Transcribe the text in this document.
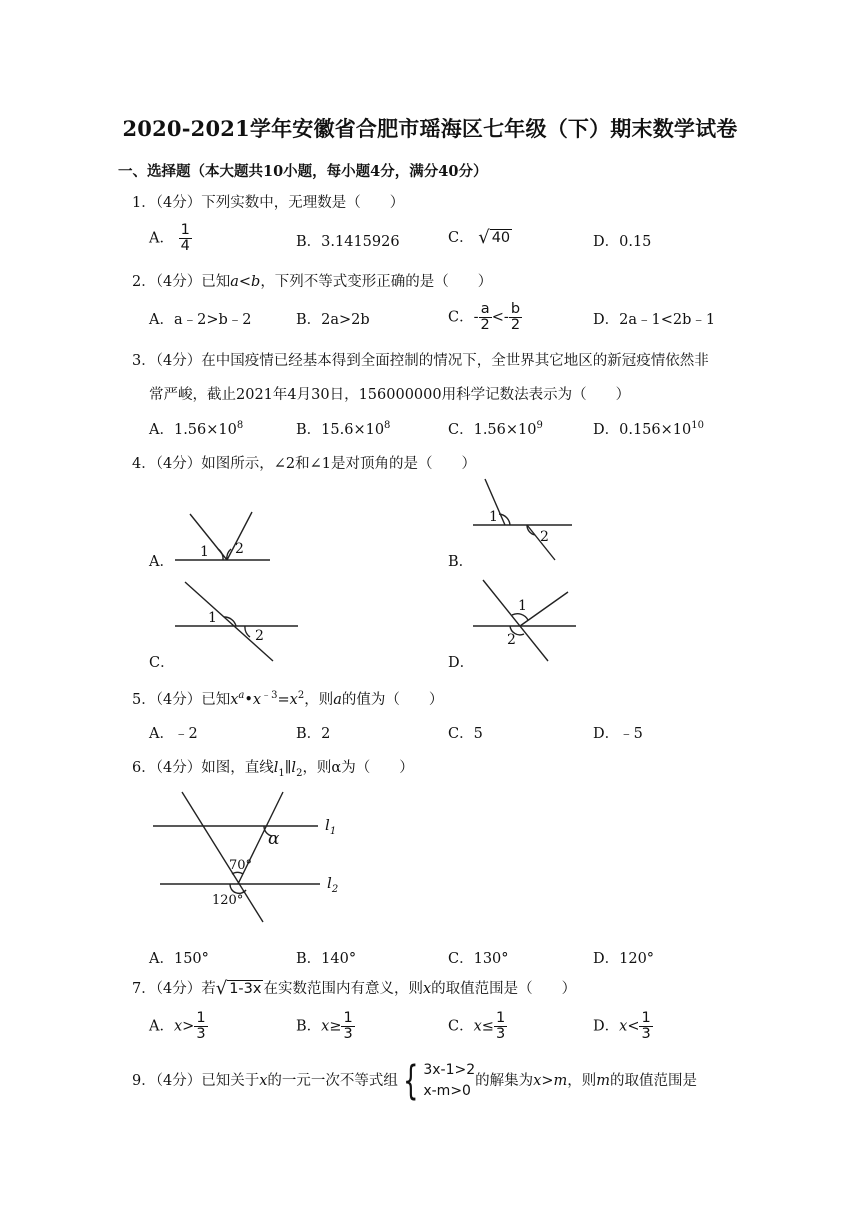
2020-2021学年安徽省合肥市瑶海区七年级（下）期末数学试卷
一、选择题（本大题共10小题，每小题4分，满分40分）
1．（4分）下列实数中，无理数是（　　）
A． $\frac{1}{4}$	B．3.1415926	C． √ 40	D．0.15
2．（4分）已知a<b，下列不等式变形正确的是（　　）
A．a﹣2>b﹣2	B．2a>2b	C．- $\frac{a}{2} <- \frac{b}{2}$	D．2a﹣1<2b﹣1
3．（4分）在中国疫情已经基本得到全面控制的情况下，全世界其它地区的新冠疫情依然非
常严峻，截止2021年4月30日，156000000用科学记数法表示为（　　）
A．$1.56\times 10^8$	B．$15.6\times 10^8$	C．$1.56\times 10^9$	D．$0.156\times 10^{10}$
4．（4分）如图所示，∠2和∠1是对顶角的是（　　）
A．	B．
C．	D．
1 2
1
2
1
2
1
2
5．（4分）已知$x^a•x^{﹣3}=x^2$，则a的值为（　　）
A．﹣2	B．2	C．5	D．﹣5
6．（4分）如图，直线$l_1\parallel l_2$，则α为（　　）
α
70°
120°
$l_1$
$l_2$
A．150°	B．140°	C．130°	D．120°
7．（4分）若 √ 1-3x 在实数范围内有意义，则x的取值范围是（　　）
A．$x> \frac{1}{3}$	B．$x\ge \frac{1}{3}$	C．$x\le \frac{1}{3}$	D．$x< \frac{1}{3}$
9．（4分）已知关于x的一元一次不等式组 { 3x-1>2
x-m>0
的解集为x>m，则m的取值范围是
